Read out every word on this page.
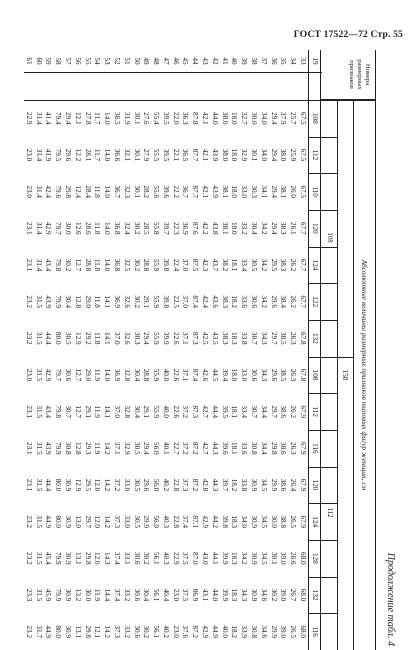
ГОСТ 17522—72 Стр. 55
Продолжение табл. 4
Номера размерных признаков
Абсолютные величины размерных признаков типовых фигур женщин, см
158
108
112
19
108
112
110
120
124
122
132
108
112
116
120
124
128
132
116
33
67.5
67.5
67.5
67.7
67.7
67.7
67.8
67.8
67.9
67.9
67.9
67.9
68.0
68.0
68.0
34
25.7
25.9
26.0
26.1
26.2
26.2
26.3
26.3
26.2
26.3
26.4
26.5
26.6
26.7
26.5
35
37.9
38.0
38.1
38.3
38.3
38.4
38.5
38.5
38.6
38.6
38.6
38.8
39.0
39.0
39.0
36
29.4
29.4
29.4
29.4
29.5
29.6
29.7
29.6
29.7
29.8
29.9
30.0
30.1
30.2
29.9
37
34.0
34.0
34.1
34.2
34.2
34.2
34.3
34.3
34.4
34.4
34.5
34.5
34.5
34.6
34.6
38
30.0
30.1
30.3
30.4
30.5
30.6
30.7
30.6
30.7
30.8
30.9
30.9
30.9
30.9
30.8
39
32.7
32.9
33.0
33.2
33.4
33.6
33.8
33.0
33.4
33.6
33.8
34.0
34.2
34.3
33.9
40
18.0
18.0
18.0
18.0
18.1
18.2
18.3
18.0
18.1
18.1
18.2
18.3
18.3
18.3
18.2
41
38.0
38.0
38.1
38.1
38.2
38.3
38.3
39.4
39.5
39.6
39.7
39.8
39.9
39.9
40.0
42
44.0
43.9
43.9
43.8
43.7
43.6
43.5
44.5
44.4
44.3
44.3
44.2
44.1
44.0
44.9
43
42.1
42.1
42.1
42.2
42.3
42.4
42.5
42.6
42.7
42.7
42.8
42.9
43.0
43.1
42.9
44
87.8
87.7
87.7
87.6
87.5
87.4
87.3
87.4
87.3
87.2
87.2
87.1
87.0
86.9
87.2
45
36.3
36.5
36.7
36.9
37.0
37.0
37.1
37.1
37.2
37.2
37.3
37.4
37.5
37.5
37.6
46
22.0
22.1
22.2
22.3
22.4
22.5
22.6
22.6
22.6
22.7
22.8
22.8
22.9
23.0
23.0
47
39.5
39.5
39.6
39.7
39.8
39.8
39.9
40.0
40.0
40.1
40.2
40.3
40.3
40.4
40.2
48
55.4
55.5
55.6
55.8
55.9
55.9
55.9
55.9
55.9
56.0
56.0
56.0
56.1
56.1
56.1
49
27.6
27.9
28.2
28.5
28.8
29.1
29.4
28.8
29.1
29.4
29.6
29.9
30.2
30.4
30.2
50
30.1
30.1
30.1
30.2
30.2
30.2
30.3
30.4
30.4
30.5
30.5
30.5
30.6
30.6
30.6
51
31.9
32.1
32.3
32.4
32.5
32.6
32.6
32.8
32.8
32.9
33.0
33.0
33.1
33.2
33.2
52
36.5
36.6
36.7
36.8
36.8
36.9
37.0
36.9
37.0
37.1
37.2
37.3
37.4
37.4
37.3
53
14.0
14.0
14.0
14.0
14.0
14.1
14.1
14.0
14.1
14.2
14.2
14.2
14.3
14.4
14.2
54
11.7
11.7
11.8
11.8
11.8
11.8
11.8
11.9
11.9
11.9
12.0
12.0
12.0
11.9
12.1
55
27.8
28.1
28.4
28.6
28.8
29.0
29.2
29.0
29.1
29.3
29.5
29.7
29.8
30.0
29.8
56
12.1
12.2
12.4
12.6
12.7
12.8
12.9
12.7
12.7
12.8
12.9
13.0
13.1
13.2
13.1
57
29.4
29.6
29.8
30.0
30.2
30.4
30.5
30.6
30.7
30.8
30.9
30.9
30.9
30.9
30.9
58
79.4
79.5
79.6
79.7
79.8
79.9
80.0
79.7
79.8
79.9
80.0
80.0
79.9
79.9
80.0
59
41.4
41.9
42.4
42.9
43.4
43.9
44.4
42.9
43.4
43.9
44.4
44.9
45.4
45.9
44.9
60
31.4
31.4
31.4
31.4
31.4
31.5
31.5
31.5
31.5
31.5
31.5
31.5
31.5
31.5
31.7
61
22.9
23.0
23.0
23.1
23.1
23.2
23.2
23.0
23.1
23.1
23.1
23.2
23.2
23.3
23.2
